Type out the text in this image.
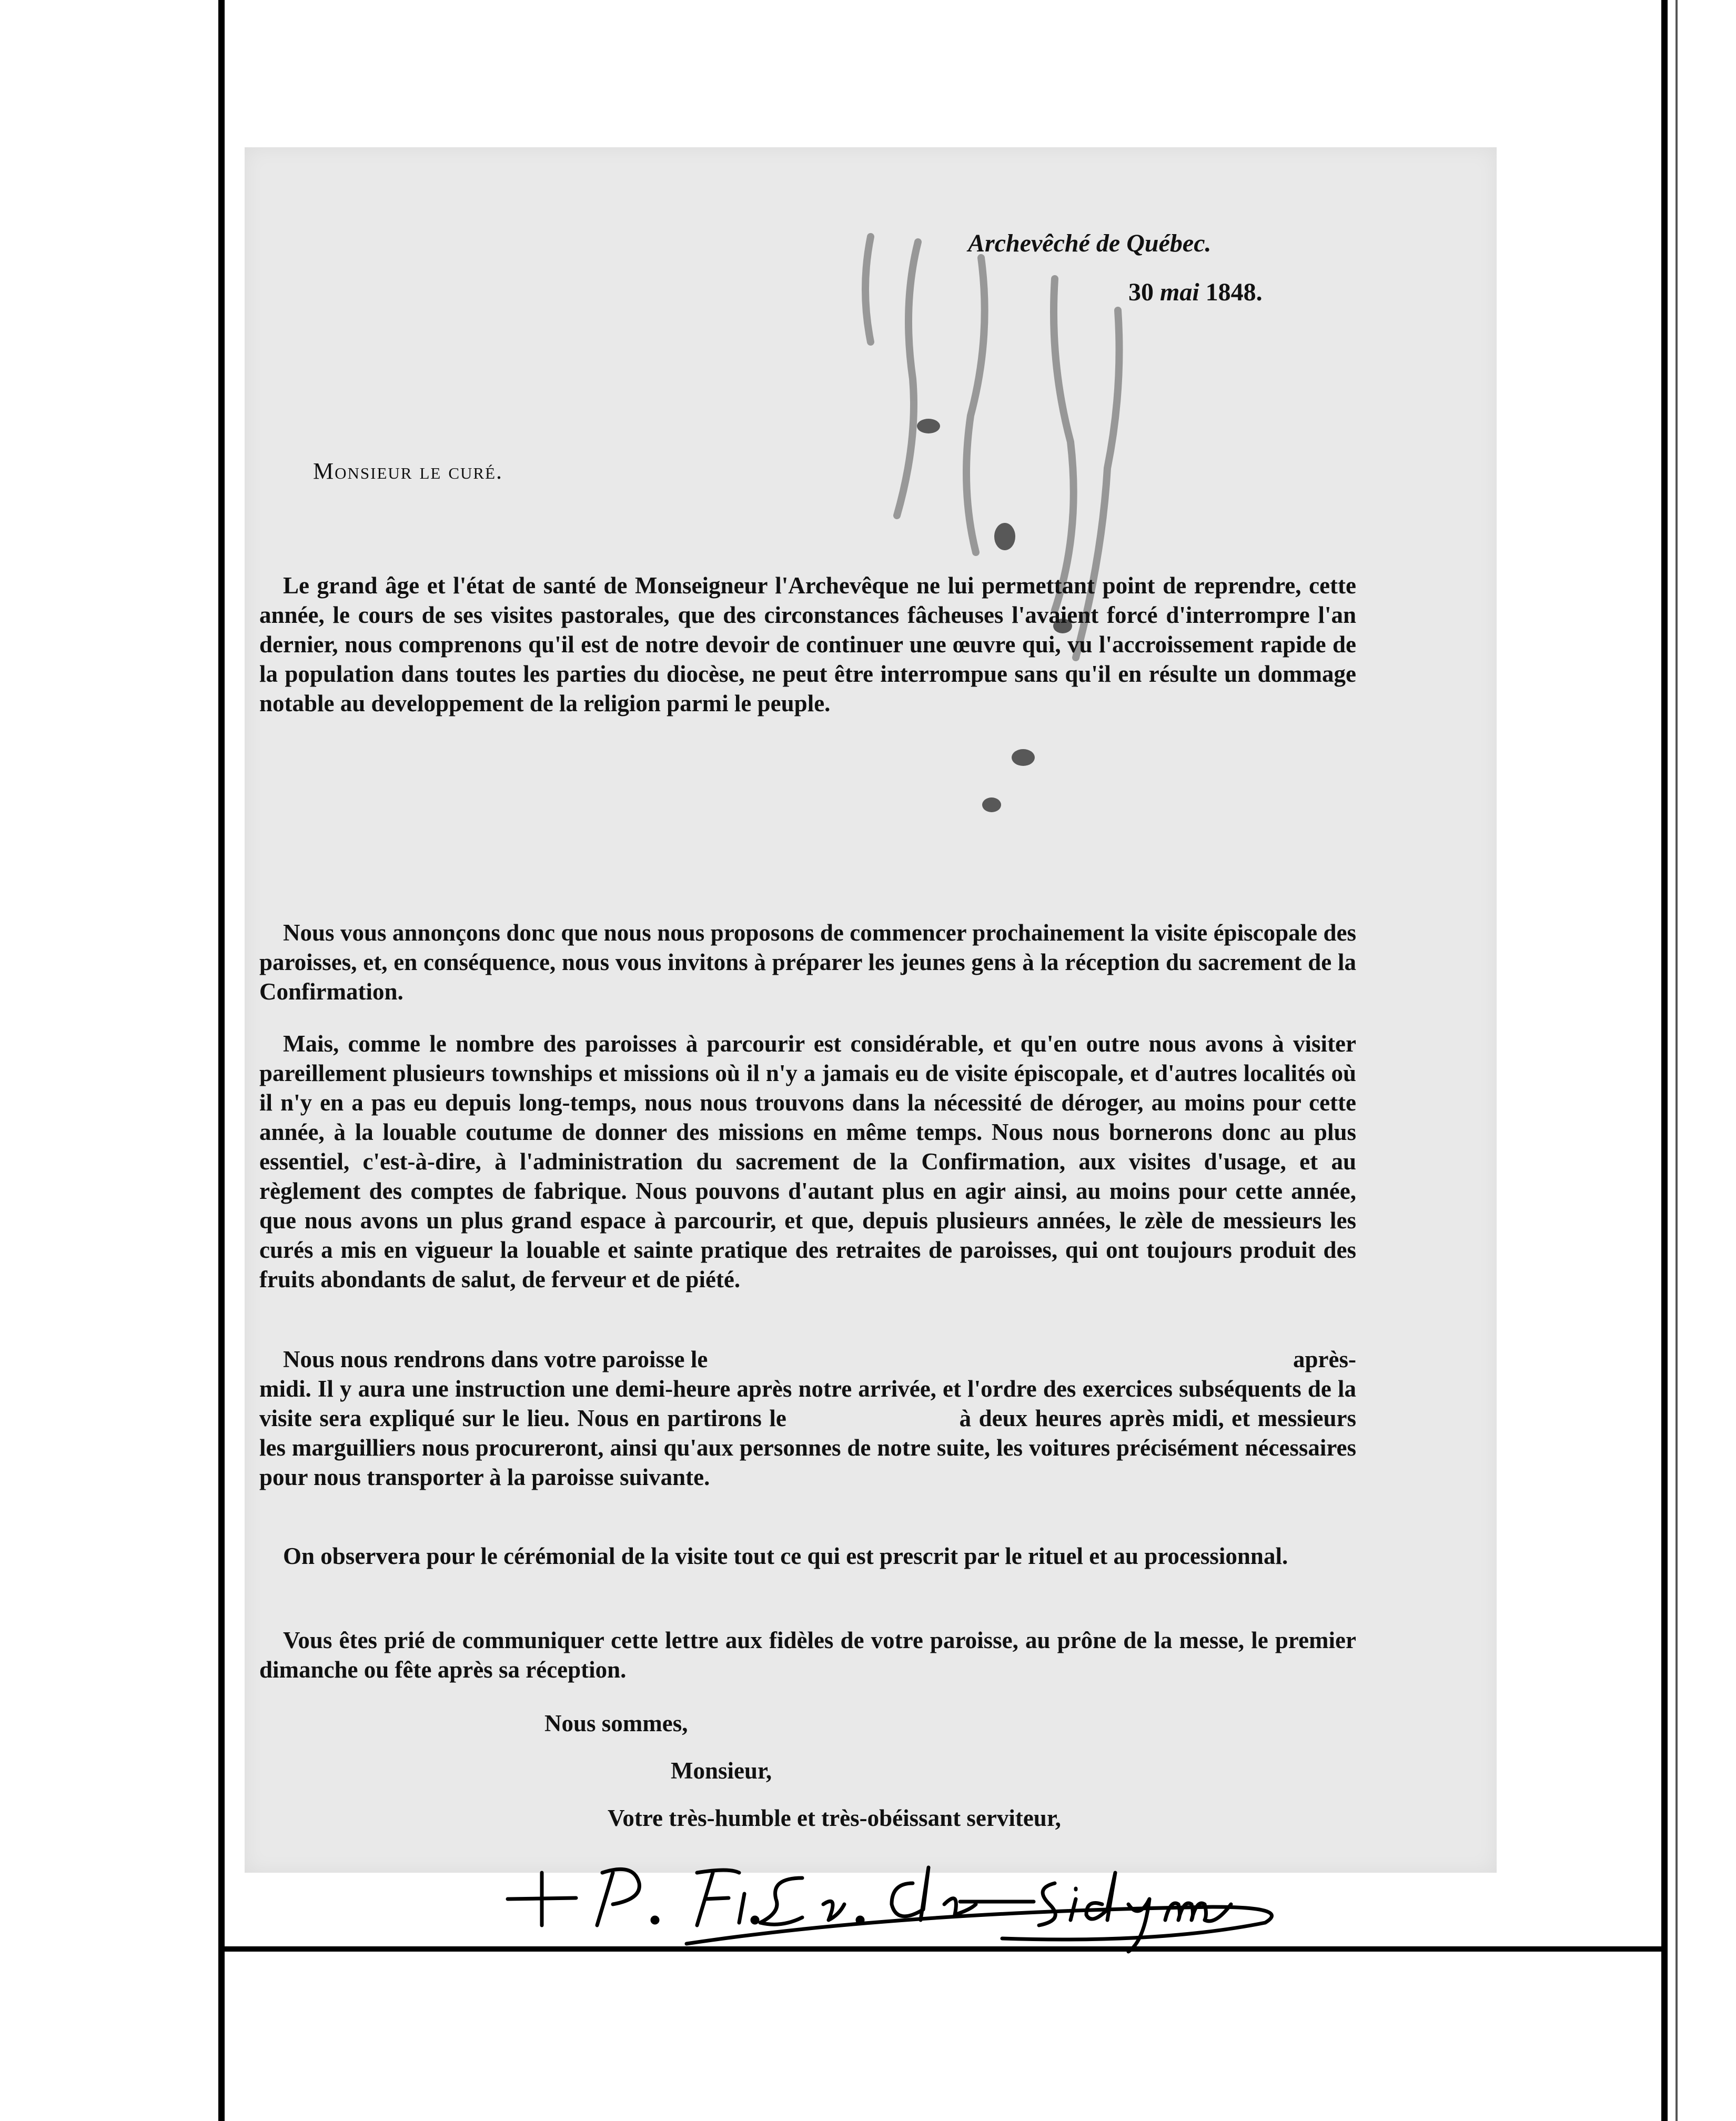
Archevêché de Québec.

30 mai 1848.

Monsieur le curé.

Le grand âge et l'état de santé de Monseigneur l'Archevêque ne lui permettant point de reprendre, cette année, le cours de ses visites pastorales, que des circonstances fâcheuses l'avaient forcé d'interrompre l'an dernier, nous comprenons qu'il est de notre devoir de continuer une œuvre qui, vu l'accroissement rapide de la population dans toutes les parties du diocèse, ne peut être interrompue sans qu'il en résulte un dommage notable au developpement de la religion parmi le peuple.

Nous vous annonçons donc que nous nous proposons de commencer prochainement la visite épiscopale des paroisses, et, en conséquence, nous vous invitons à préparer les jeunes gens à la réception du sacrement de la Confirmation.

Mais, comme le nombre des paroisses à parcourir est considérable, et qu'en outre nous avons à visiter pareillement plusieurs townships et missions où il n'y a jamais eu de visite épiscopale, et d'autres localités où il n'y en a pas eu depuis long-temps, nous nous trouvons dans la nécessité de déroger, au moins pour cette année, à la louable coutume de donner des missions en même temps. Nous nous bornerons donc au plus essentiel, c'est-à-dire, à l'administration du sacrement de la Confirmation, aux visites d'usage, et au règlement des comptes de fabrique. Nous pouvons d'autant plus en agir ainsi, au moins pour cette année, que nous avons un plus grand espace à parcourir, et que, depuis plusieurs années, le zèle de messieurs les curés a mis en vigueur la louable et sainte pratique des retraites de paroisses, qui ont toujours produit des fruits abondants de salut, de ferveur et de piété.

Nous nous rendrons dans votre paroisse le	après-midi. Il y aura une instruction une demi-heure après notre arrivée, et l'ordre des exercices subséquents de la visite sera expliqué sur le lieu. Nous en partirons le	à deux heures après midi, et messieurs les marguilliers nous procureront, ainsi qu'aux personnes de notre suite, les voitures précisément nécessaires pour nous transporter à la paroisse suivante.

On observera pour le cérémonial de la visite tout ce qui est prescrit par le rituel et au processionnal.

Vous êtes prié de communiquer cette lettre aux fidèles de votre paroisse, au prône de la messe, le premier dimanche ou fête après sa réception.

Nous sommes,

Monsieur,

Votre très-humble et très-obéissant serviteur,
